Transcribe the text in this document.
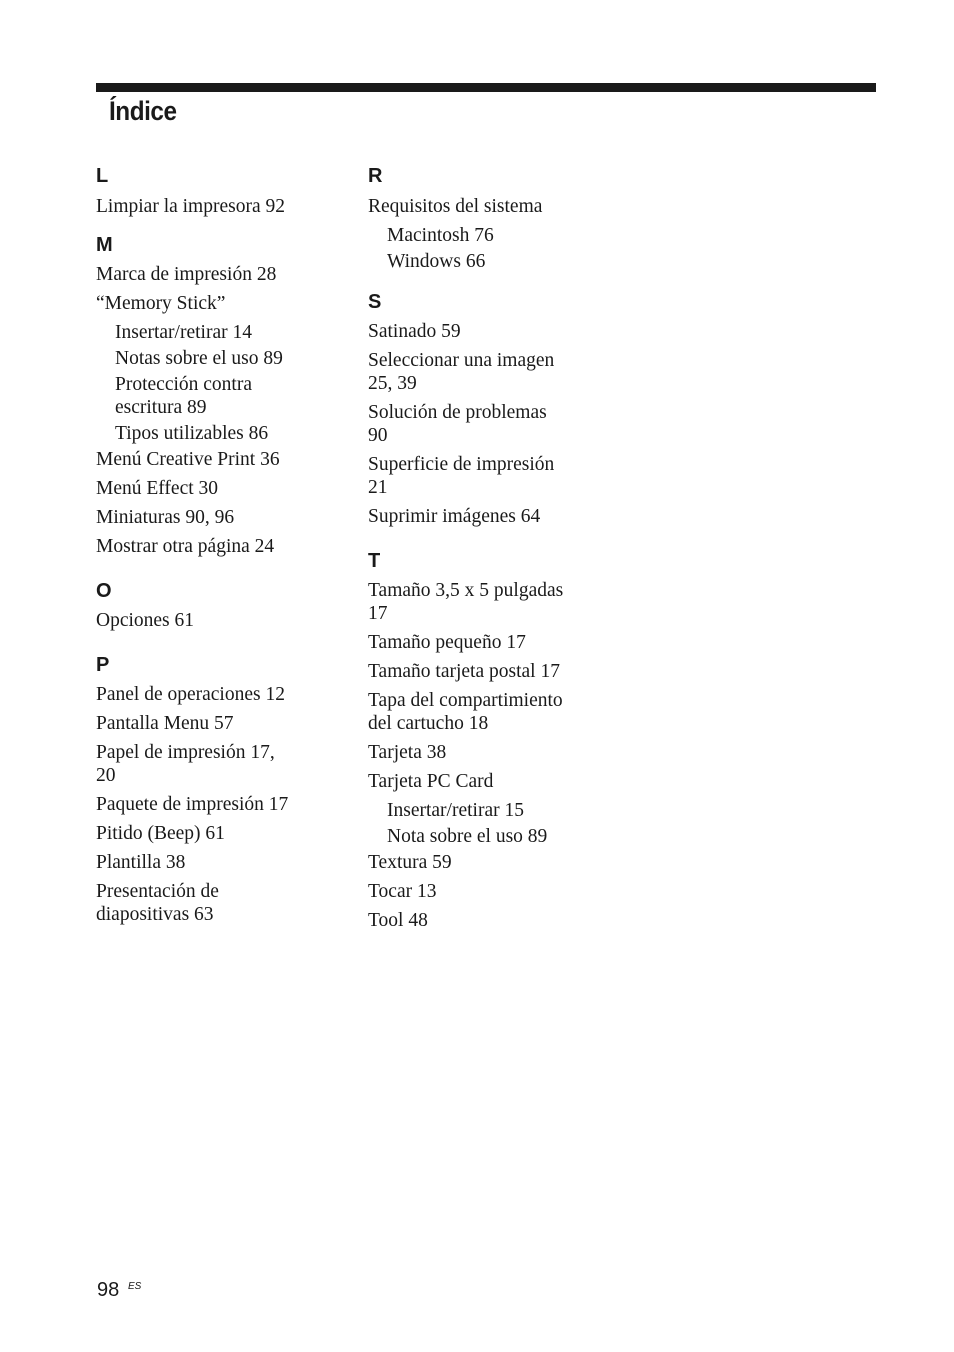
Índice
L
Limpiar la impresora 92
M
Marca de impresión 28
“Memory Stick”
Insertar/retirar 14
Notas sobre el uso 89
Protección contra
escritura 89
Tipos utilizables 86
Menú Creative Print 36
Menú Effect 30
Miniaturas 90, 96
Mostrar otra página 24
O
Opciones 61
P
Panel de operaciones 12
Pantalla Menu 57
Papel de impresión 17,
20
Paquete de impresión 17
Pitido (Beep) 61
Plantilla 38
Presentación de
diapositivas 63
R
Requisitos del sistema
Macintosh 76
Windows 66
S
Satinado 59
Seleccionar una imagen
25, 39
Solución de problemas
90
Superficie de impresión
21
Suprimir imágenes 64
T
Tamaño 3,5 x 5 pulgadas
17
Tamaño pequeño 17
Tamaño tarjeta postal 17
Tapa del compartimiento
del cartucho 18
Tarjeta 38
Tarjeta PC Card
Insertar/retirar 15
Nota sobre el uso 89
Textura 59
Tocar 13
Tool 48
98 ES
